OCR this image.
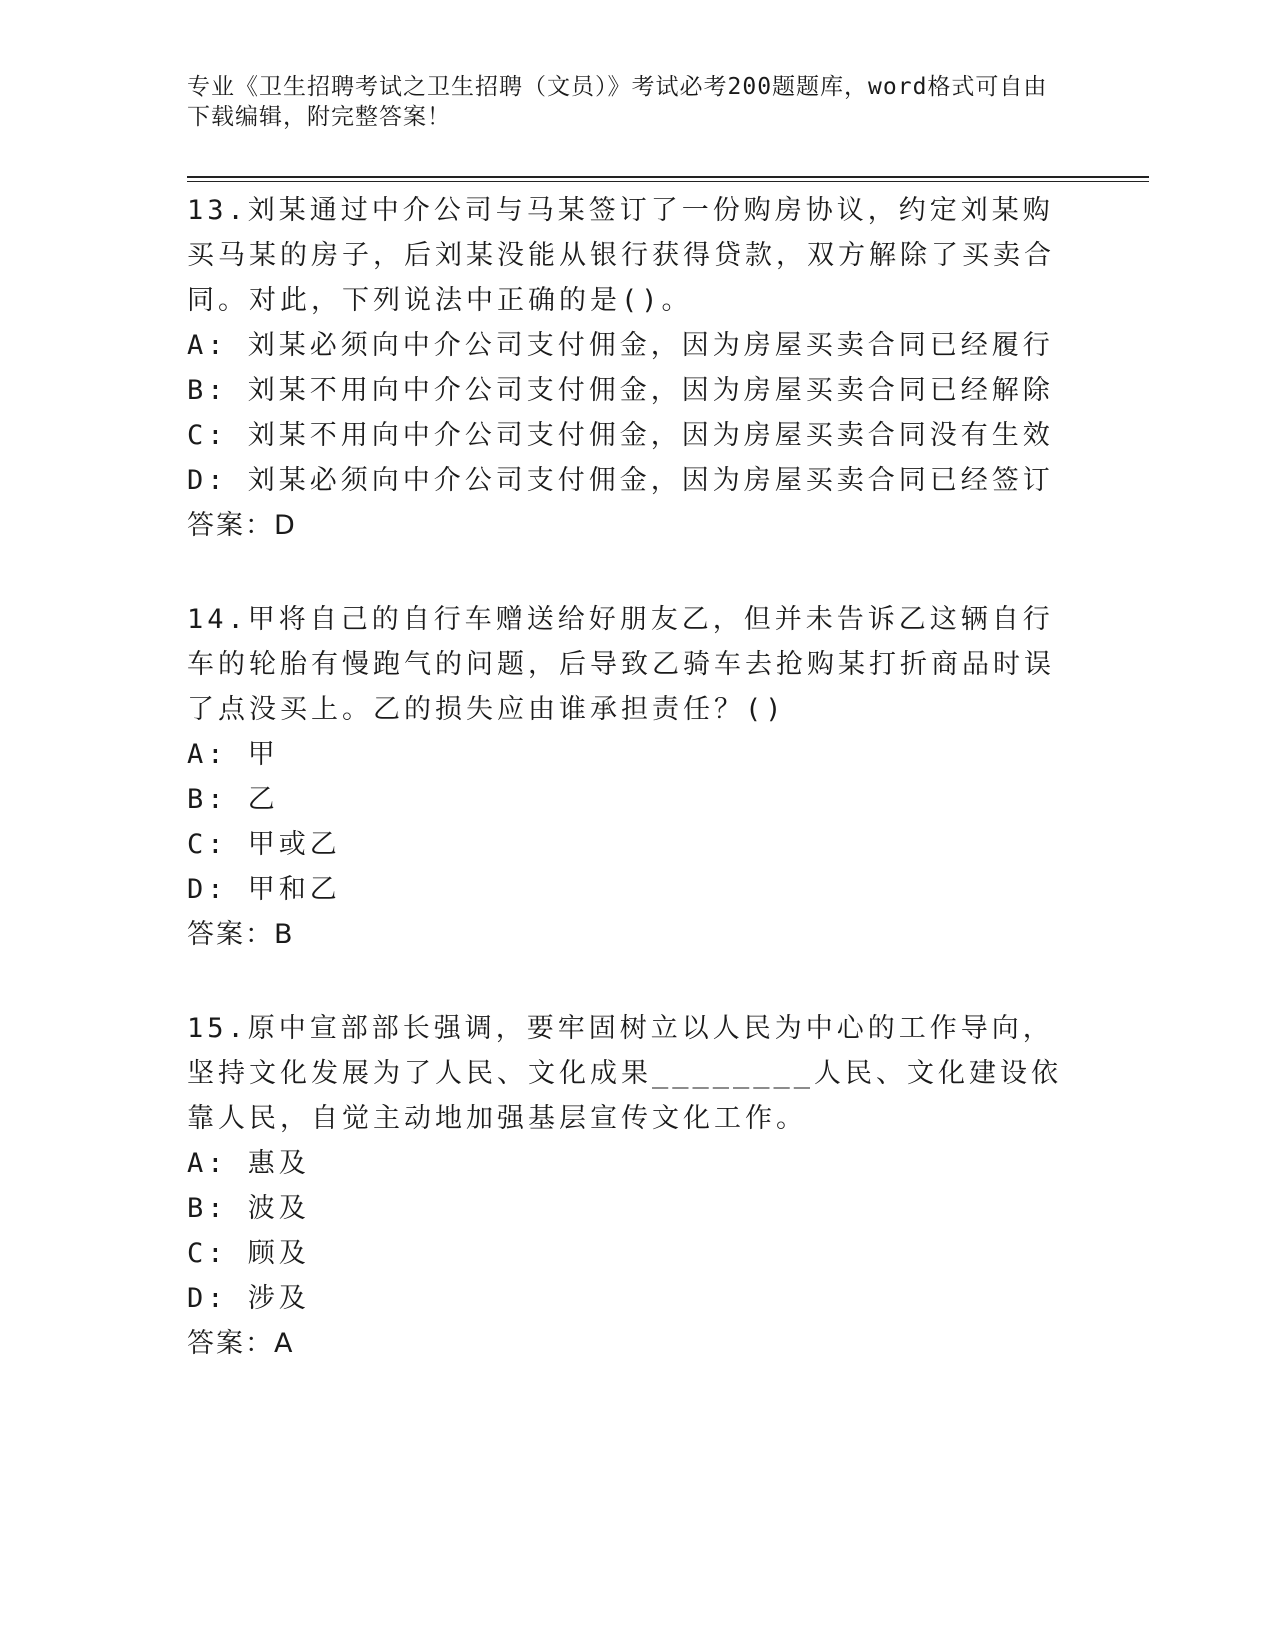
专业《卫生招聘考试之卫生招聘（文员）》考试必考200题题库，word格式可自由下载编辑，附完整答案！

13.刘某通过中介公司与马某签订了一份购房协议，约定刘某购买马某的房子，后刘某没能从银行获得贷款，双方解除了买卖合同。对此，下列说法中正确的是()。

A: 刘某必须向中介公司支付佣金，因为房屋买卖合同已经履行

B: 刘某不用向中介公司支付佣金，因为房屋买卖合同已经解除

C: 刘某不用向中介公司支付佣金，因为房屋买卖合同没有生效

D: 刘某必须向中介公司支付佣金，因为房屋买卖合同已经签订

答案：D

14.甲将自己的自行车赠送给好朋友乙，但并未告诉乙这辆自行车的轮胎有慢跑气的问题，后导致乙骑车去抢购某打折商品时误了点没买上。乙的损失应由谁承担责任？()

A: 甲

B: 乙

C: 甲或乙

D: 甲和乙

答案：B

15.原中宣部部长强调，要牢固树立以人民为中心的工作导向，坚持文化发展为了人民、文化成果________人民、文化建设依靠人民，自觉主动地加强基层宣传文化工作。

A: 惠及

B: 波及

C: 顾及

D: 涉及

答案：A
